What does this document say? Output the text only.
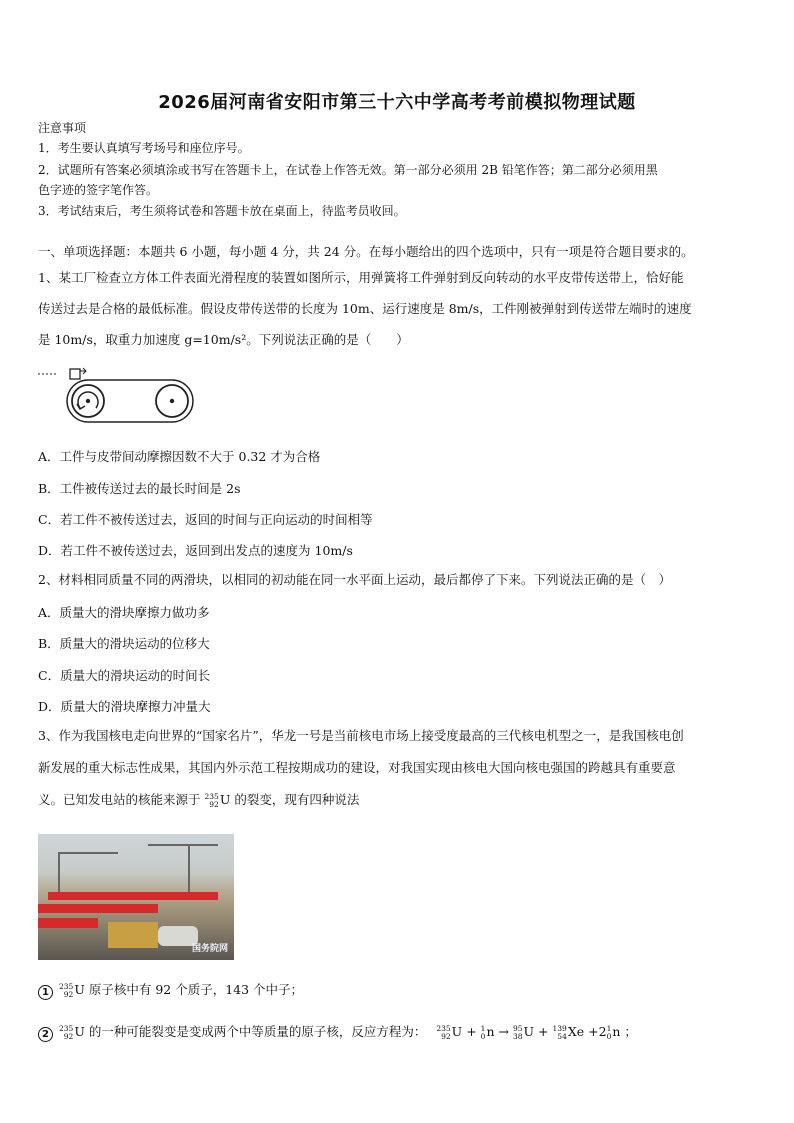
2026届河南省安阳市第三十六中学高考考前模拟物理试题
注意事项
1．考生要认真填写考场号和座位序号。
2．试题所有答案必须填涂或书写在答题卡上，在试卷上作答无效。第一部分必须用 2B 铅笔作答；第二部分必须用黑
色字迹的签字笔作答。
3．考试结束后，考生须将试卷和答题卡放在桌面上，待监考员收回。
一、单项选择题：本题共 6 小题，每小题 4 分，共 24 分。在每小题给出的四个选项中，只有一项是符合题目要求的。
1、某工厂检查立方体工件表面光滑程度的装置如图所示，用弹簧将工件弹射到反向转动的水平皮带传送带上，恰好能
传送过去是合格的最低标准。假设皮带传送带的长度为 10m、运行速度是 8m/s，工件刚被弹射到传送带左端时的速度
是 10m/s，取重力加速度 g=10m/s²。下列说法正确的是（　　）
A．工件与皮带间动摩擦因数不大于 0.32 才为合格
B．工件被传送过去的最长时间是 2s
C．若工件不被传送过去，返回的时间与正向运动的时间相等
D．若工件不被传送过去，返回到出发点的速度为 10m/s
2、材料相同质量不同的两滑块，以相同的初动能在同一水平面上运动，最后都停了下来。下列说法正确的是（　）
A．质量大的滑块摩擦力做功多
B．质量大的滑块运动的位移大
C．质量大的滑块运动的时间长
D．质量大的滑块摩擦力冲量大
3、作为我国核电走向世界的“国家名片”，华龙一号是当前核电市场上接受度最高的三代核电机型之一，是我国核电创
新发展的重大标志性成果，其国内外示范工程按期成功的建设，对我国实现由核电大国向核电强国的跨越具有重要意
义。已知发电站的核能来源于 235
92 U 的裂变，现有四种说法
国务院网
1
235
92 U 原子核中有 92 个质子，143 个中子；
2
235
92 U 的一种可能裂变是变成两个中等质量的原子核，反应方程为： 235
92 U + 1
0 n → 95
38 U + 139
54 Xe +2 1
0 n ；
